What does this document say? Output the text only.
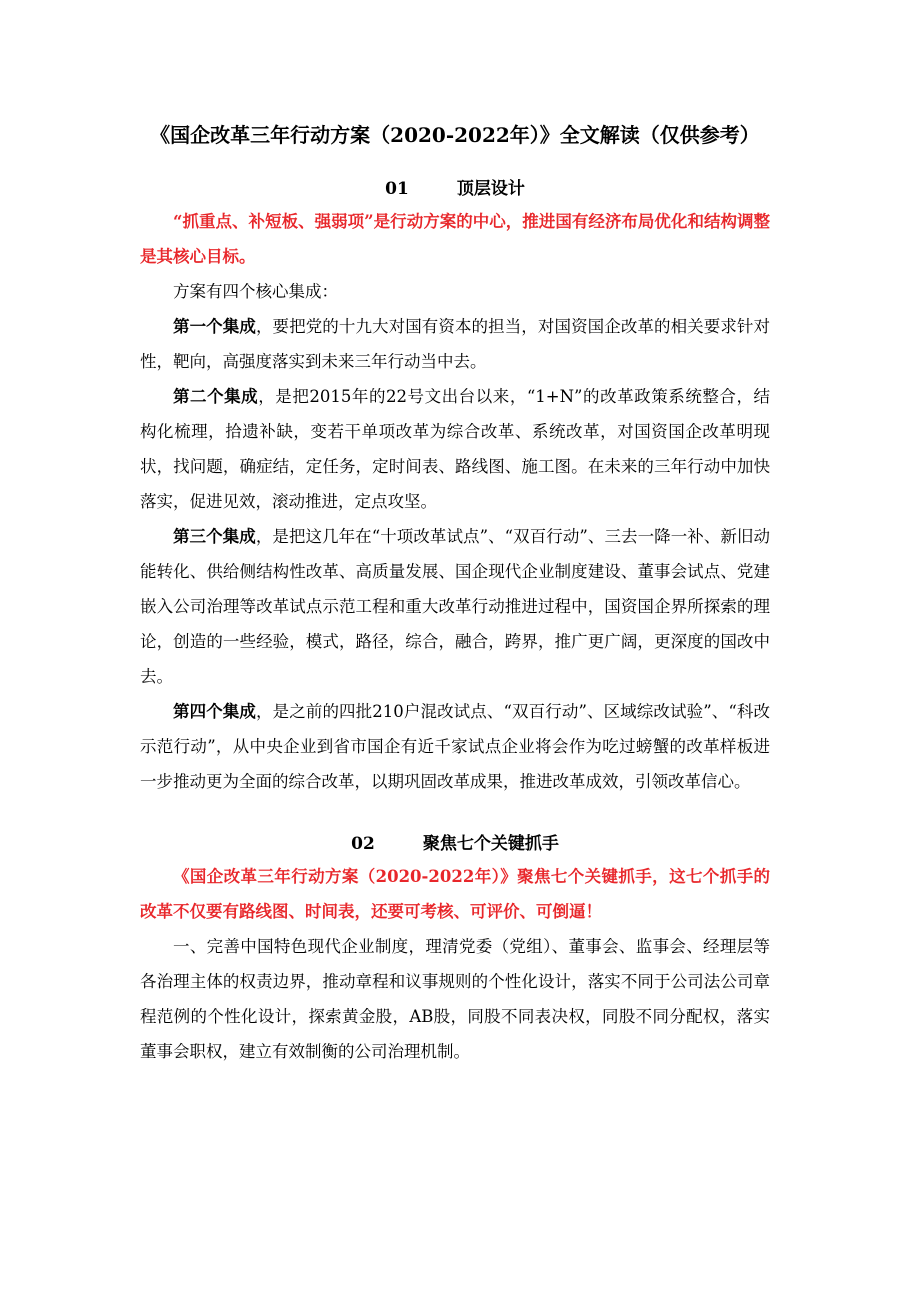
《国企改革三年行动方案（2020-2022年）》全文解读（仅供参考）
01	顶层设计

“抓重点、补短板、强弱项”是行动方案的中心，推进国有经济布局优化和结构调整是其核心目标。

方案有四个核心集成：

第一个集成，要把党的十九大对国有资本的担当，对国资国企改革的相关要求针对性，靶向，高强度落实到未来三年行动当中去。

第二个集成，是把2015年的22号文出台以来，“1+N”的改革政策系统整合，结构化梳理，拾遗补缺，变若干单项改革为综合改革、系统改革，对国资国企改革明现状，找问题，确症结，定任务，定时间表、路线图、施工图。在未来的三年行动中加快落实，促进见效，滚动推进，定点攻坚。

第三个集成，是把这几年在“十项改革试点”、“双百行动”、三去一降一补、新旧动能转化、供给侧结构性改革、高质量发展、国企现代企业制度建设、董事会试点、党建嵌入公司治理等改革试点示范工程和重大改革行动推进过程中，国资国企界所探索的理论，创造的一些经验，模式，路径，综合，融合，跨界，推广更广阔，更深度的国改中去。

第四个集成，是之前的四批210户混改试点、“双百行动”、区域综改试验”、“科改示范行动”，从中央企业到省市国企有近千家试点企业将会作为吃过螃蟹的改革样板进一步推动更为全面的综合改革，以期巩固改革成果，推进改革成效，引领改革信心。

02	聚焦七个关键抓手

《国企改革三年行动方案（2020-2022年）》聚焦七个关键抓手，这七个抓手的改革不仅要有路线图、时间表，还要可考核、可评价、可倒逼！

一、完善中国特色现代企业制度，理清党委（党组）、董事会、监事会、经理层等各治理主体的权责边界，推动章程和议事规则的个性化设计，落实不同于公司法公司章程范例的个性化设计，探索黄金股，AB股，同股不同表决权，同股不同分配权，落实董事会职权，建立有效制衡的公司治理机制。
